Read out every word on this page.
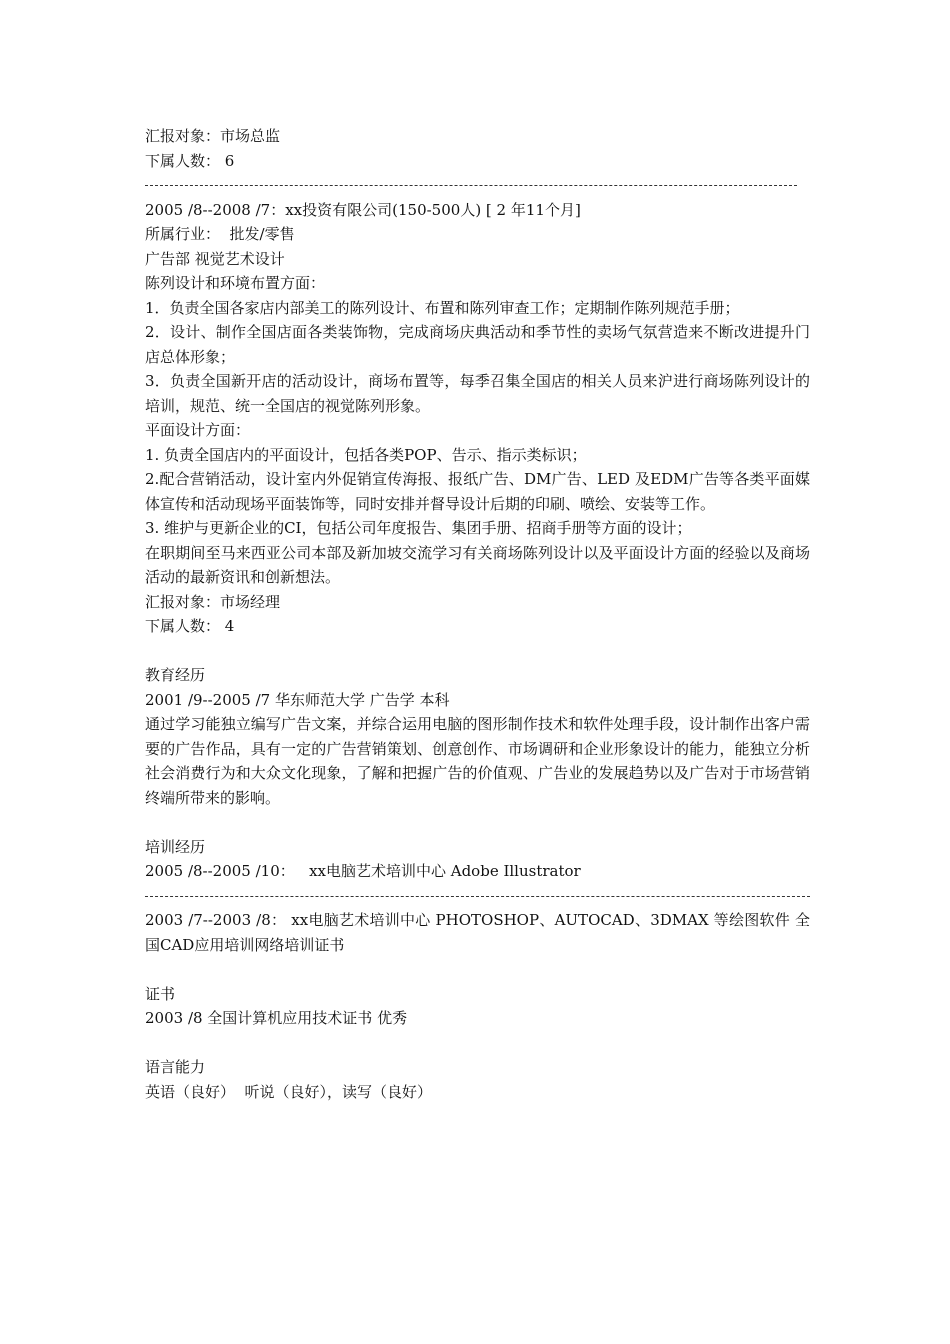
汇报对象：市场总监
下属人数： 6
2005 /8--2008 /7：xx投资有限公司(150-500人) [ 2 年11个月]
所属行业：  批发/零售
广告部 视觉艺术设计
陈列设计和环境布置方面：
1．负责全国各家店内部美工的陈列设计、布置和陈列审查工作；定期制作陈列规范手册；
2．设计、制作全国店面各类装饰物，完成商场庆典活动和季节性的卖场气氛营造来不断改进提升门店总体形象；
3．负责全国新开店的活动设计，商场布置等，每季召集全国店的相关人员来沪进行商场陈列设计的培训，规范、统一全国店的视觉陈列形象。
平面设计方面：
1. 负责全国店内的平面设计，包括各类POP、告示、指示类标识；
2.配合营销活动，设计室内外促销宣传海报、报纸广告、DM广告、LED 及EDM广告等各类平面媒体宣传和活动现场平面装饰等，同时安排并督导设计后期的印刷、喷绘、安装等工作。
3. 维护与更新企业的CI，包括公司年度报告、集团手册、招商手册等方面的设计；
在职期间至马来西亚公司本部及新加坡交流学习有关商场陈列设计以及平面设计方面的经验以及商场活动的最新资讯和创新想法。
汇报对象：市场经理
下属人数： 4
教育经历
2001 /9--2005 /7 华东师范大学 广告学 本科
通过学习能独立编写广告文案，并综合运用电脑的图形制作技术和软件处理手段，设计制作出客户需要的广告作品，具有一定的广告营销策划、创意创作、市场调研和企业形象设计的能力，能独立分析社会消费行为和大众文化现象，了解和把握广告的价值观、广告业的发展趋势以及广告对于市场营销终端所带来的影响。
培训经历
2005 /8--2005 /10：   xx电脑艺术培训中心 Adobe Illustrator
2003 /7--2003 /8： xx电脑艺术培训中心 PHOTOSHOP、AUTOCAD、3DMAX 等绘图软件 全国CAD应用培训网络培训证书
证书
2003 /8 全国计算机应用技术证书 优秀
语言能力
英语（良好）  听说（良好），读写（良好）
